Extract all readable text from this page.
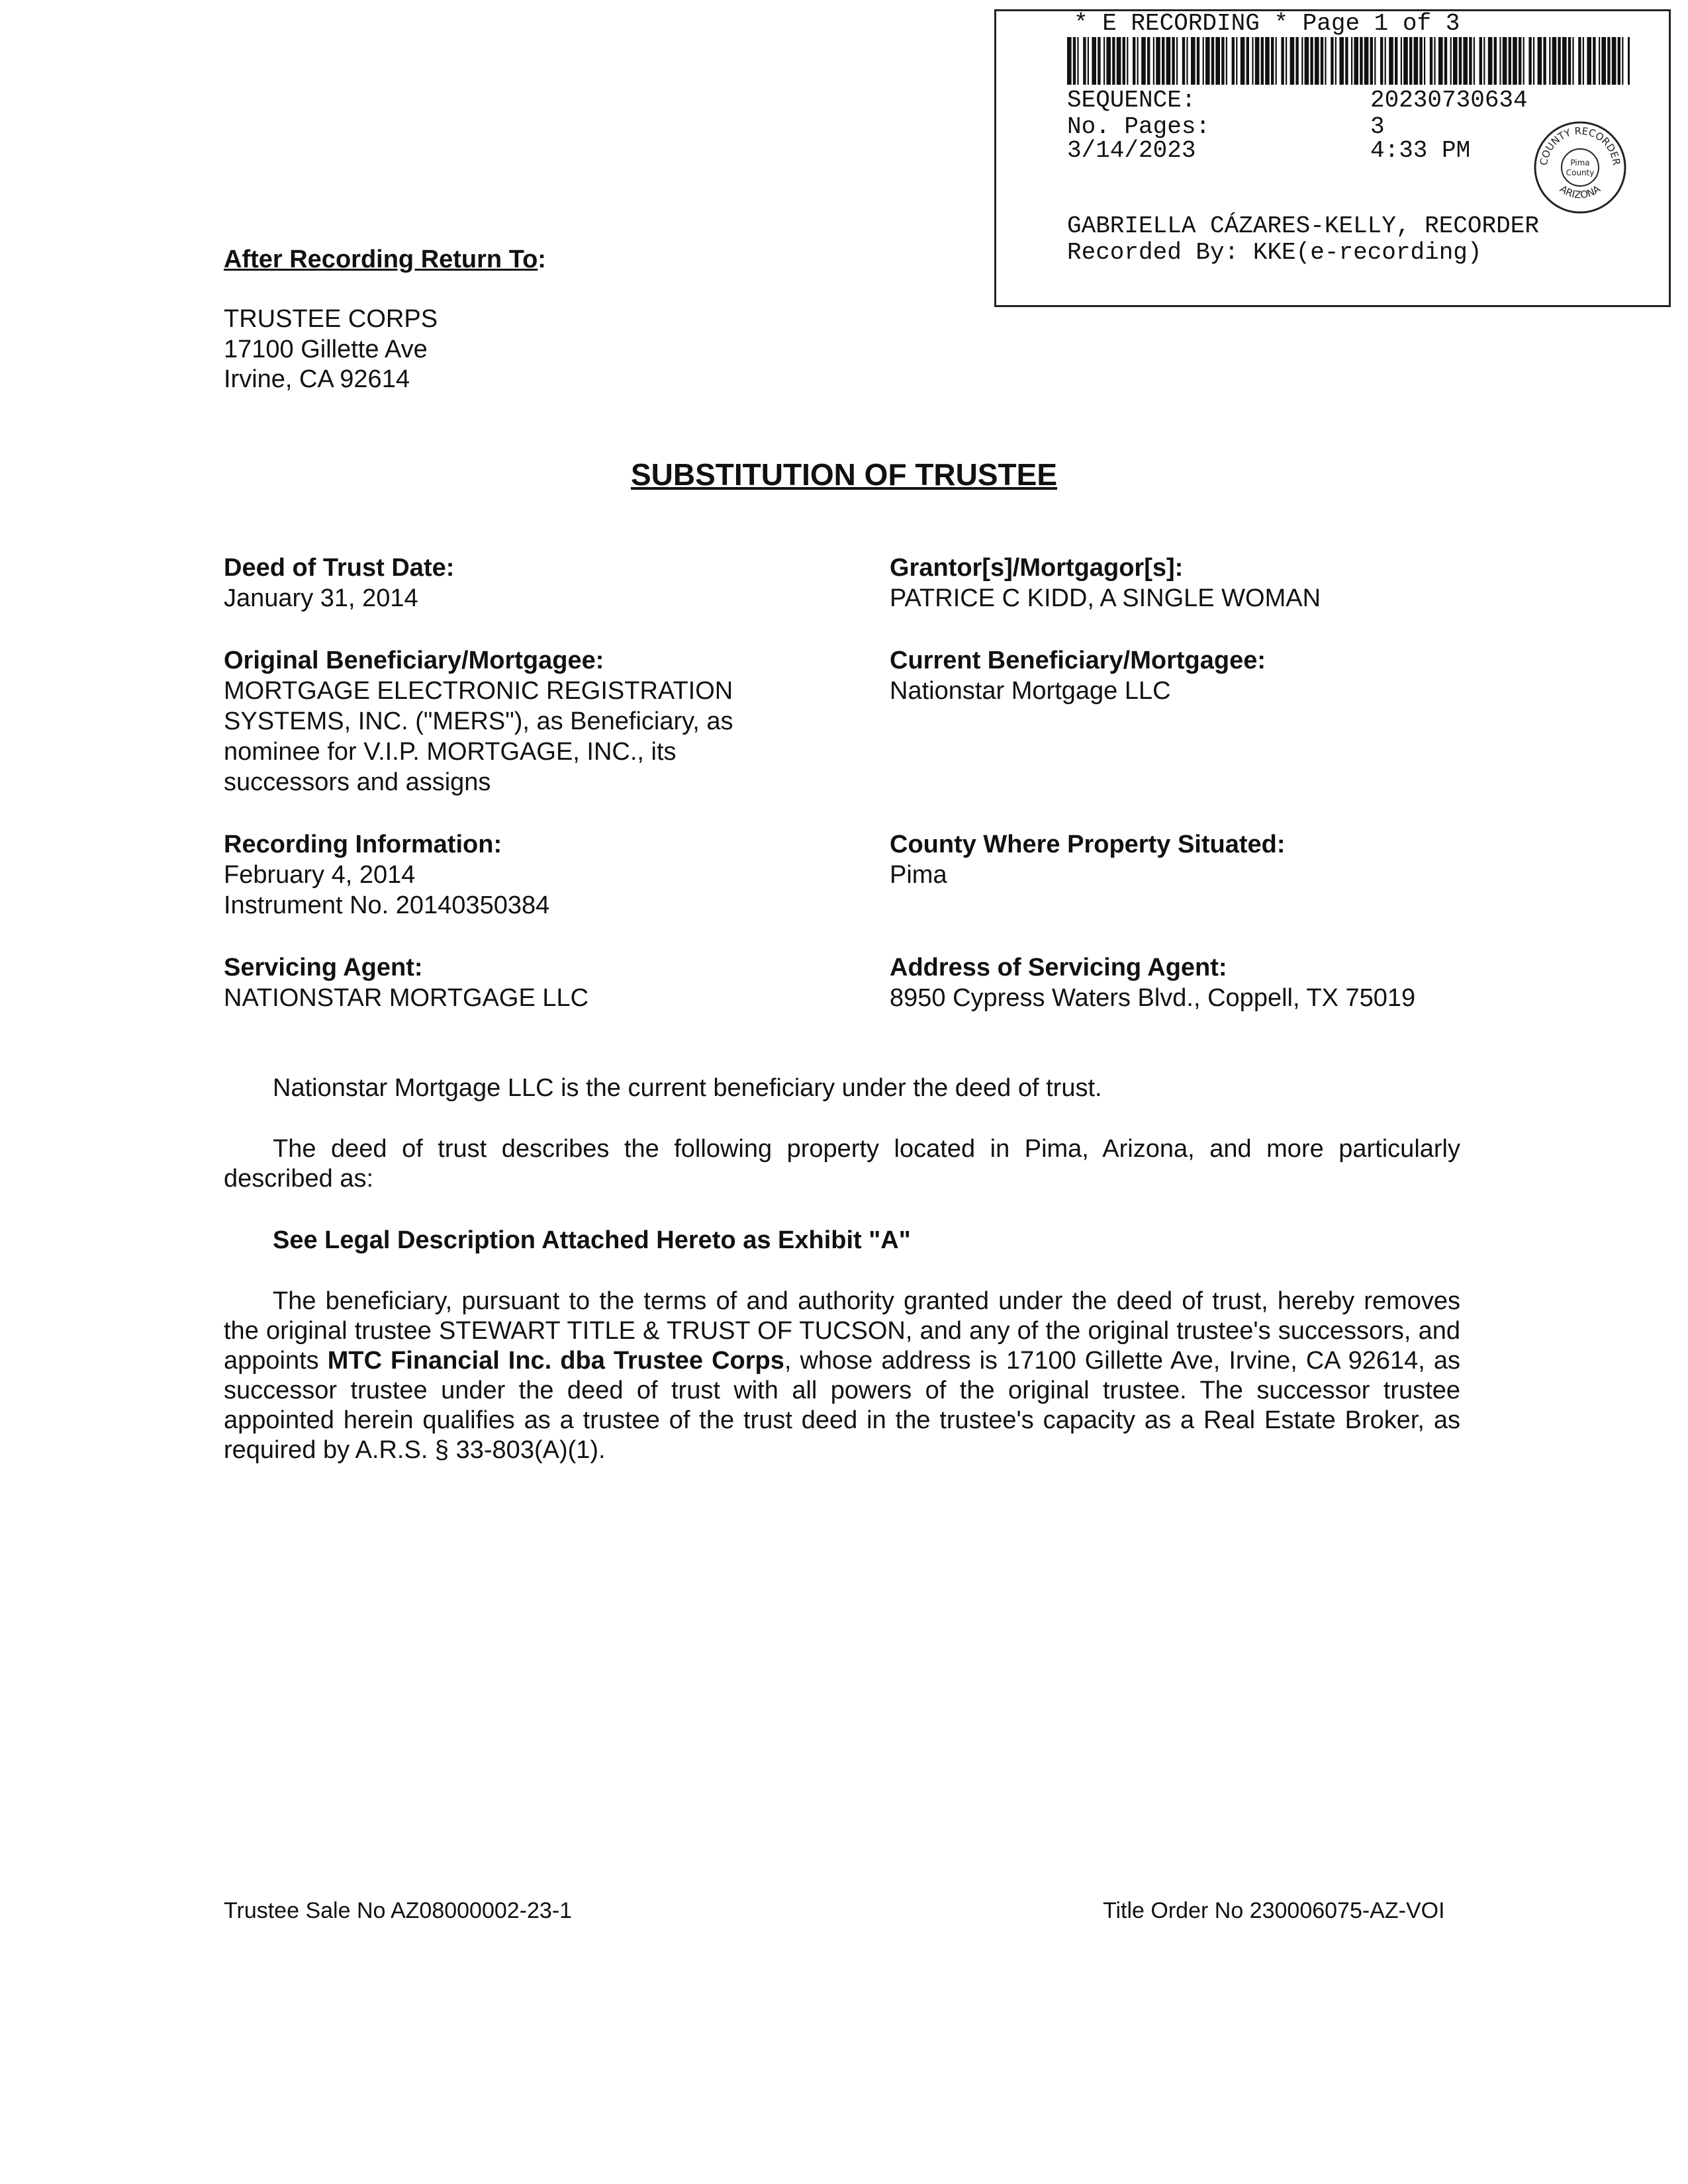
* E RECORDING * Page 1 of 3
SEQUENCE:	20230730634
No. Pages:	3
3/14/2023	4:33 PM	COUNTY RECORDER
ARIZONA
Pima
County
GABRIELLA CÁZARES-KELLY, RECORDER
Recorded By: KKE(e-recording)
After Recording Return To:
TRUSTEE CORPS
17100 Gillette Ave
Irvine, CA 92614
SUBSTITUTION OF TRUSTEE
Deed of Trust Date:
January 31, 2014
Original Beneficiary/Mortgagee:
MORTGAGE ELECTRONIC REGISTRATION
SYSTEMS, INC. ("MERS"), as Beneficiary, as
nominee for V.I.P. MORTGAGE, INC., its
successors and assigns
Recording Information:
February 4, 2014
Instrument No. 20140350384
Servicing Agent:
NATIONSTAR MORTGAGE LLC
Grantor[s]/Mortgagor[s]:
PATRICE C KIDD, A SINGLE WOMAN
Current Beneficiary/Mortgagee:
Nationstar Mortgage LLC
County Where Property Situated:
Pima
Address of Servicing Agent:
8950 Cypress Waters Blvd., Coppell, TX 75019
Nationstar Mortgage LLC is the current beneficiary under the deed of trust.
The deed of trust describes the following property located in Pima, Arizona, and more particularly described as:
See Legal Description Attached Hereto as Exhibit "A"
The beneficiary, pursuant to the terms of and authority granted under the deed of trust, hereby removes the original trustee STEWART TITLE & TRUST OF TUCSON, and any of the original trustee's successors, and appoints MTC Financial Inc. dba Trustee Corps, whose address is 17100 Gillette Ave, Irvine, CA 92614, as successor trustee under the deed of trust with all powers of the original trustee. The successor trustee appointed herein qualifies as a trustee of the trust deed in the trustee's capacity as a Real Estate Broker, as required by A.R.S. § 33-803(A)(1).
Trustee Sale No AZ08000002-23-1	Title Order No 230006075-AZ-VOI
